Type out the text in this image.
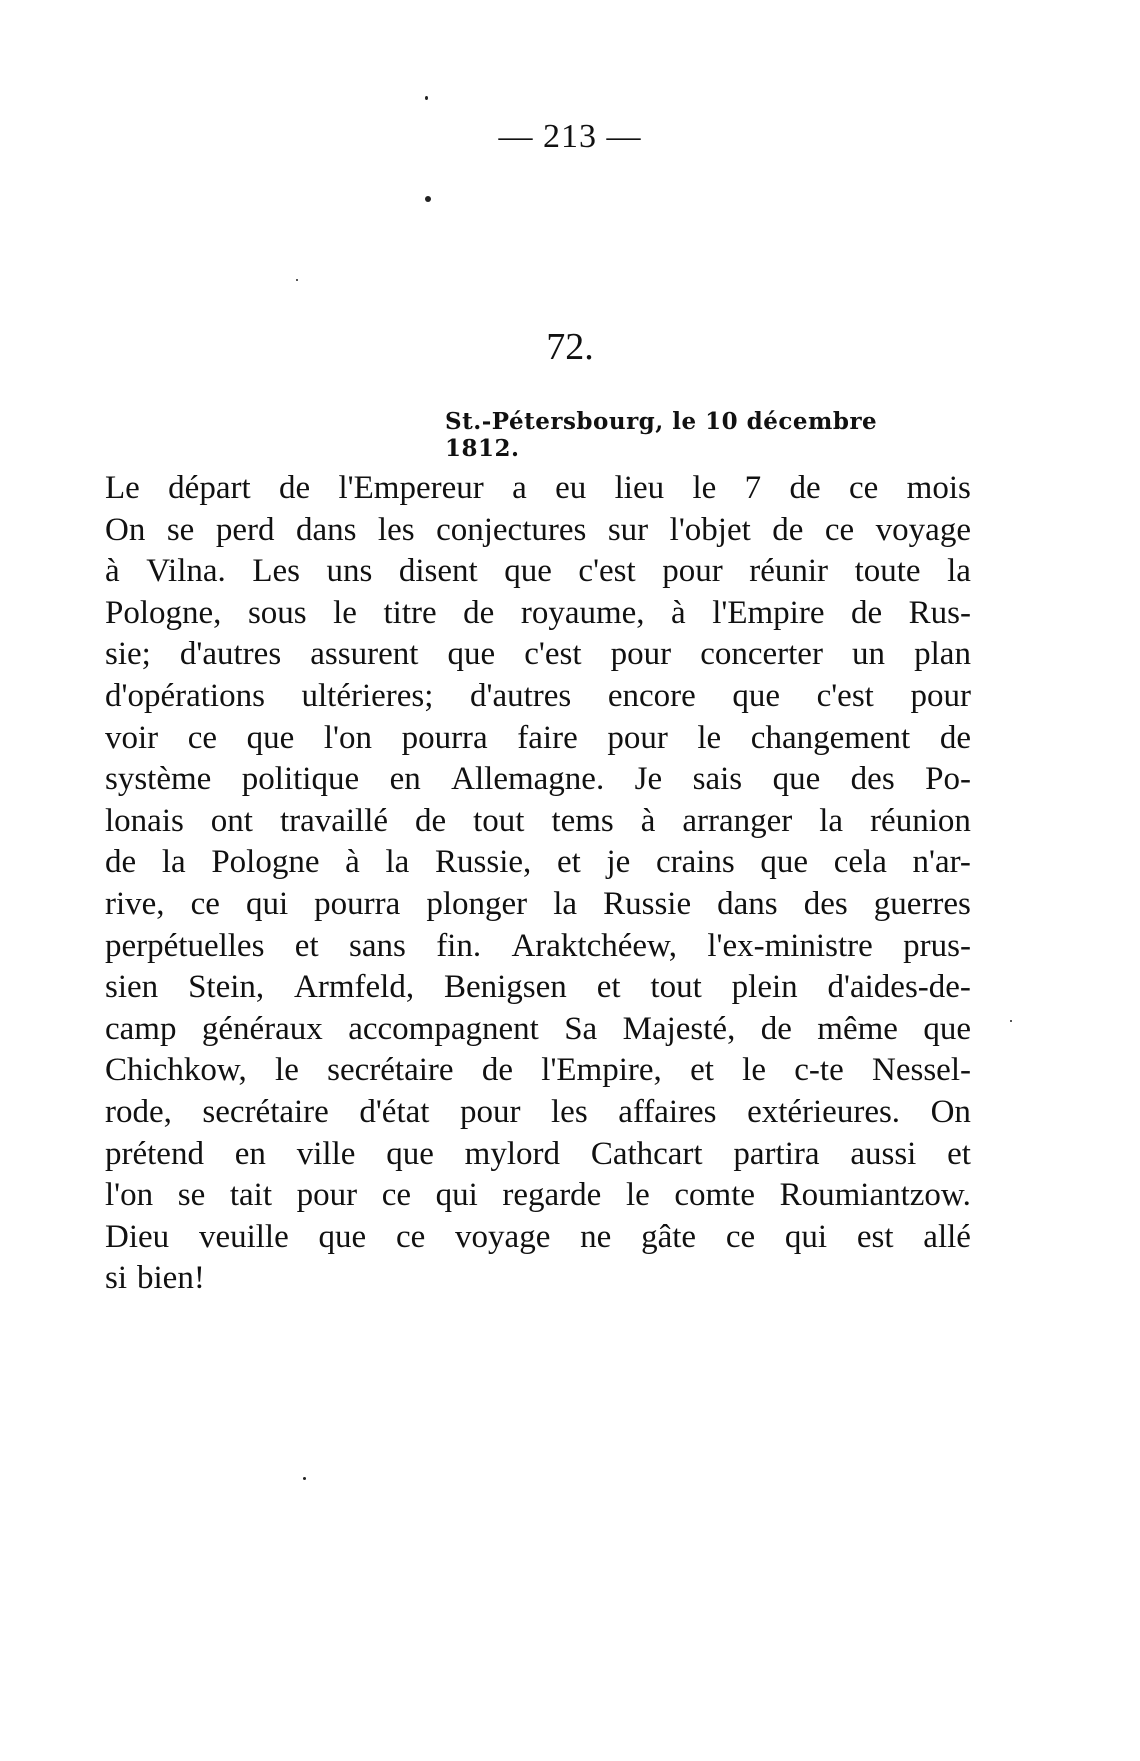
— 213 —
72.
St.-Pétersbourg, le 10 décembre 1812.
Le départ de l'Empereur a eu lieu le 7 de ce mois
On se perd dans les conjectures sur l'objet de ce voyage
à Vilna. Les uns disent que c'est pour réunir toute la
Pologne, sous le titre de royaume, à l'Empire de Rus-
sie; d'autres assurent que c'est pour concerter un plan
d'opérations ultérieres; d'autres encore que c'est pour
voir ce que l'on pourra faire pour le changement de
système politique en Allemagne. Je sais que des Po-
lonais ont travaillé de tout tems à arranger la réunion
de la Pologne à la Russie, et je crains que cela n'ar-
rive, ce qui pourra plonger la Russie dans des guerres
perpétuelles et sans fin. Araktchéew, l'ex-ministre prus-
sien Stein, Armfeld, Benigsen et tout plein d'aides-de-
camp généraux accompagnent Sa Majesté, de même que
Chichkow, le secrétaire de l'Empire, et le c-te Nessel-
rode, secrétaire d'état pour les affaires extérieures. On
prétend en ville que mylord Cathcart partira aussi et
l'on se tait pour ce qui regarde le comte Roumiantzow.
Dieu veuille que ce voyage ne gâte ce qui est allé
si bien!
